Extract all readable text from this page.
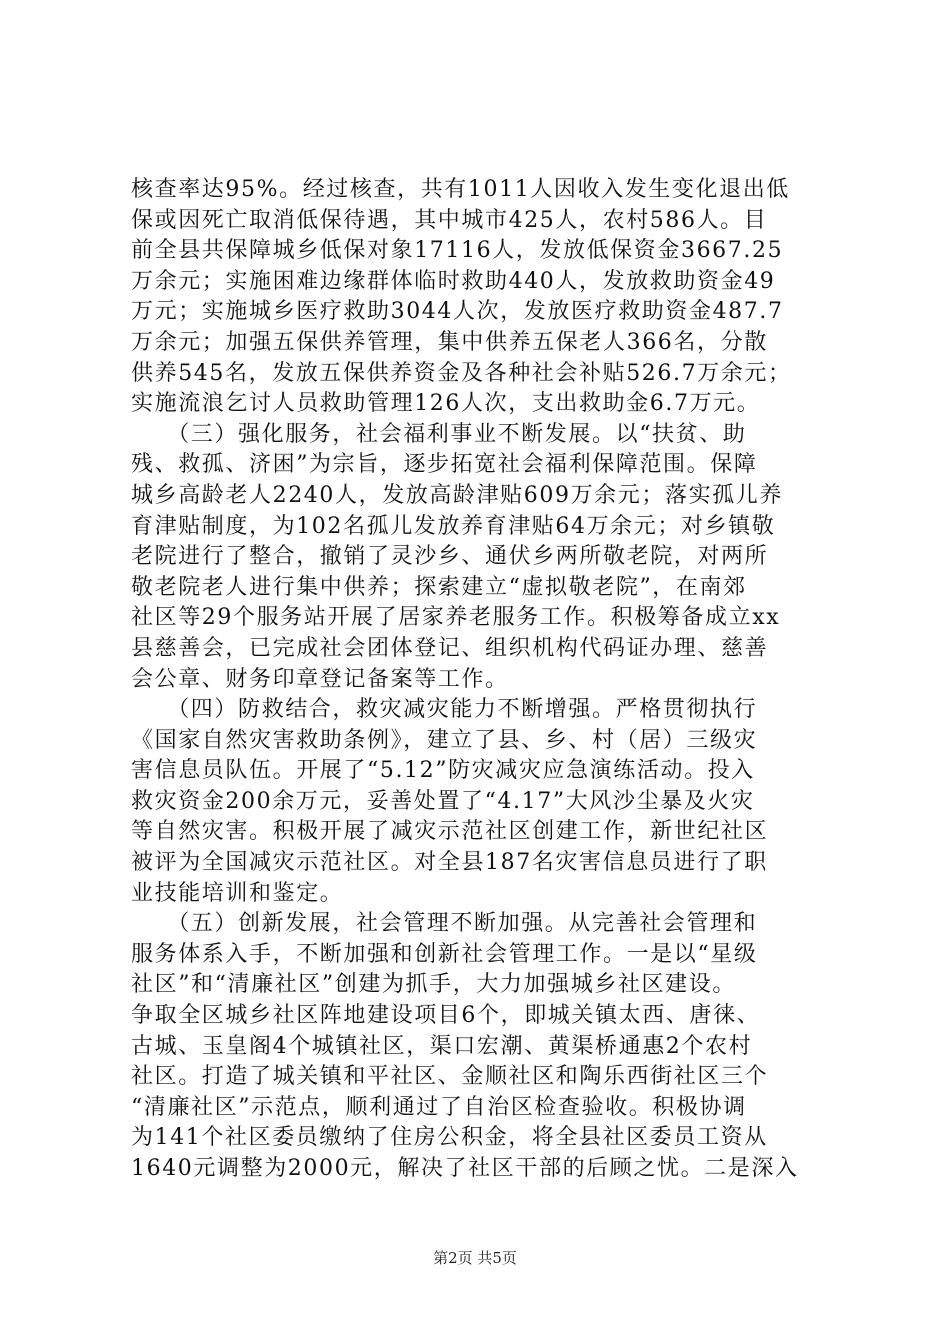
核查率达95%。经过核查，共有1011人因收入发生变化退出低
保或因死亡取消低保待遇，其中城市425人，农村586人。目
前全县共保障城乡低保对象17116人，发放低保资金3667.25
万余元；实施困难边缘群体临时救助440人，发放救助资金49
万元；实施城乡医疗救助3044人次，发放医疗救助资金487.7
万余元；加强五保供养管理，集中供养五保老人366名，分散
供养545名，发放五保供养资金及各种社会补贴526.7万余元；
实施流浪乞讨人员救助管理126人次，支出救助金6.7万元。
　　（三）强化服务，社会福利事业不断发展。以“扶贫、助
残、救孤、济困”为宗旨，逐步拓宽社会福利保障范围。保障
城乡高龄老人2240人，发放高龄津贴609万余元；落实孤儿养
育津贴制度，为102名孤儿发放养育津贴64万余元；对乡镇敬
老院进行了整合，撤销了灵沙乡、通伏乡两所敬老院，对两所
敬老院老人进行集中供养；探索建立“虚拟敬老院”，在南郊
社区等29个服务站开展了居家养老服务工作。积极筹备成立xx
县慈善会，已完成社会团体登记、组织机构代码证办理、慈善
会公章、财务印章登记备案等工作。
　　（四）防救结合，救灾减灾能力不断增强。严格贯彻执行
《国家自然灾害救助条例》，建立了县、乡、村（居）三级灾
害信息员队伍。开展了“5.12”防灾减灾应急演练活动。投入
救灾资金200余万元，妥善处置了“4.17”大风沙尘暴及火灾
等自然灾害。积极开展了减灾示范社区创建工作，新世纪社区
被评为全国减灾示范社区。对全县187名灾害信息员进行了职
业技能培训和鉴定。
　　（五）创新发展，社会管理不断加强。从完善社会管理和
服务体系入手，不断加强和创新社会管理工作。一是以“星级
社区”和“清廉社区”创建为抓手，大力加强城乡社区建设。
争取全区城乡社区阵地建设项目6个，即城关镇太西、唐徕、
古城、玉皇阁4个城镇社区，渠口宏潮、黄渠桥通惠2个农村
社区。打造了城关镇和平社区、金顺社区和陶乐西街社区三个
“清廉社区”示范点，顺利通过了自治区检查验收。积极协调
为141个社区委员缴纳了住房公积金，将全县社区委员工资从
1640元调整为2000元，解决了社区干部的后顾之忧。二是深入
第2页 共5页
